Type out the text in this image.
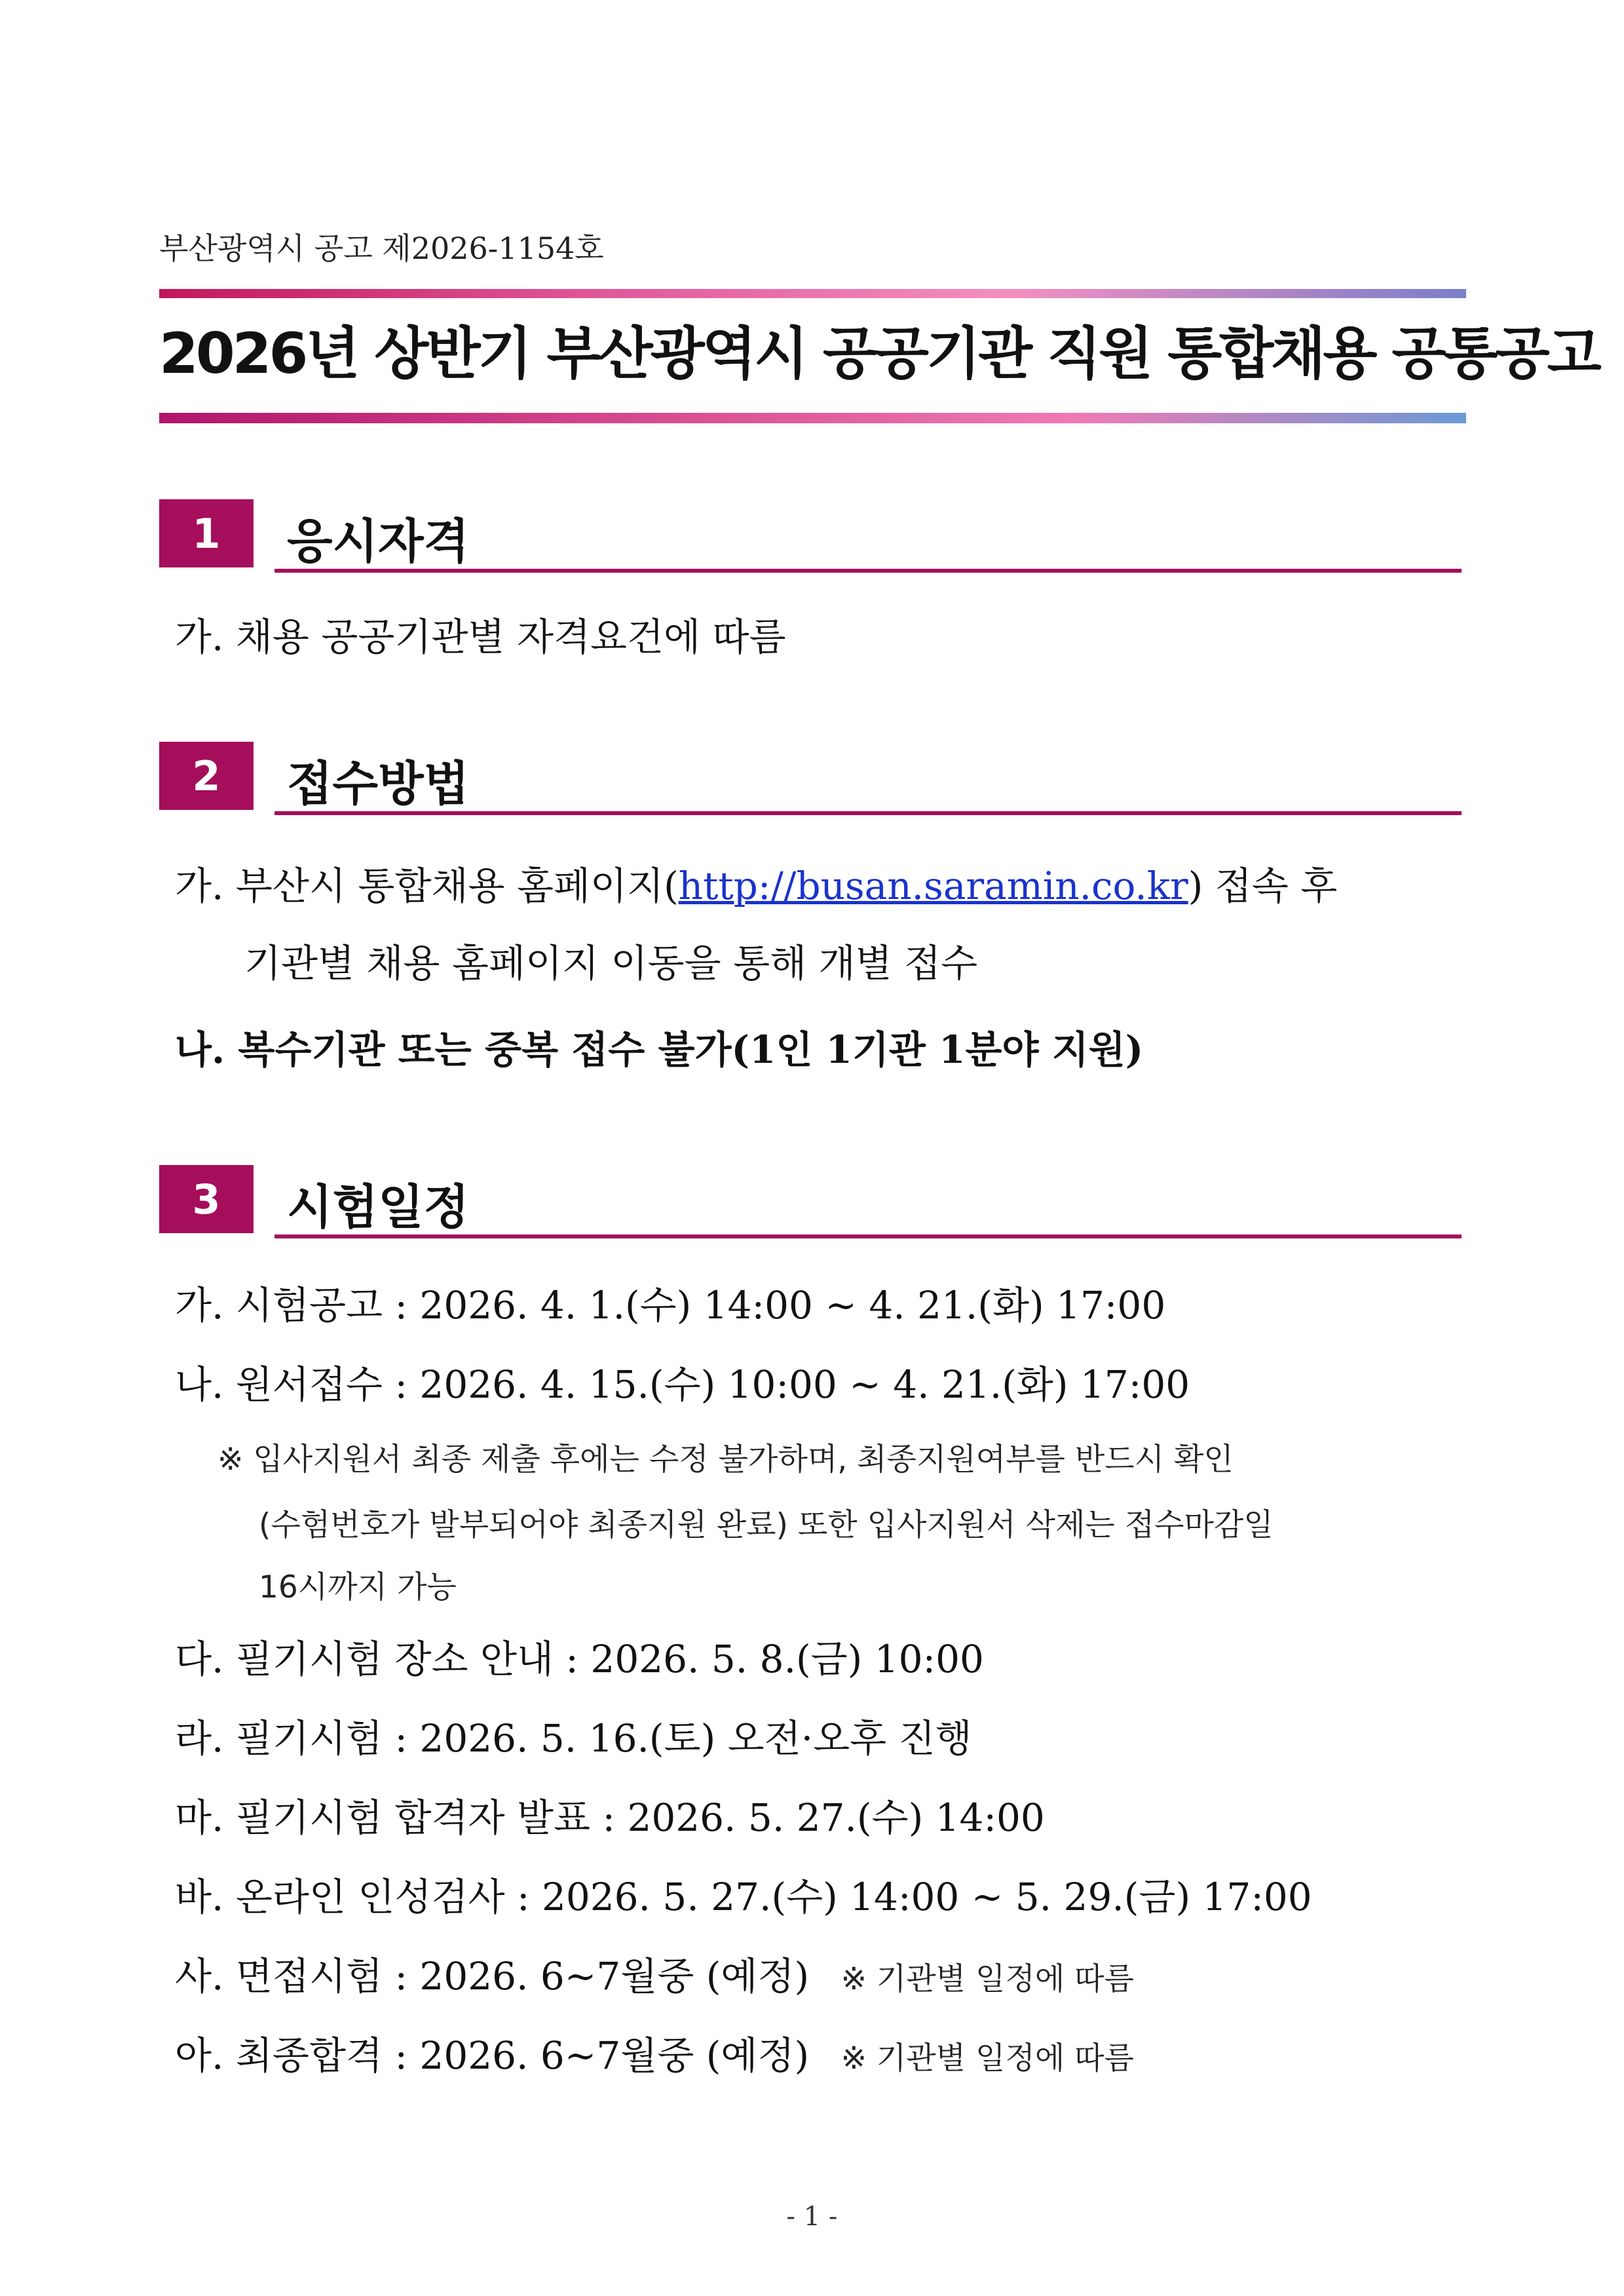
부산광역시 공고 제2026-1154호
2026년 상반기 부산광역시 공공기관 직원 통합채용 공통공고
1	응시자격
가. 채용 공공기관별 자격요건에 따름
2	접수방법
가. 부산시 통합채용 홈페이지(http://busan.saramin.co.kr) 접속 후
기관별 채용 홈페이지 이동을 통해 개별 접수
나. 복수기관 또는 중복 접수 불가(1인 1기관 1분야 지원)
3	시험일정
가. 시험공고 : 2026. 4. 1.(수) 14:00 ~ 4. 21.(화) 17:00
나. 원서접수 : 2026. 4. 15.(수) 10:00 ~ 4. 21.(화) 17:00
※ 입사지원서 최종 제출 후에는 수정 불가하며, 최종지원여부를 반드시 확인
(수험번호가 발부되어야 최종지원 완료) 또한 입사지원서 삭제는 접수마감일
16시까지 가능
다. 필기시험 장소 안내 : 2026. 5. 8.(금) 10:00
라. 필기시험 : 2026. 5. 16.(토) 오전·오후 진행
마. 필기시험 합격자 발표 : 2026. 5. 27.(수) 14:00
바. 온라인 인성검사 : 2026. 5. 27.(수) 14:00 ~ 5. 29.(금) 17:00
사. 면접시험 : 2026. 6~7월중 (예정) ※ 기관별 일정에 따름
아. 최종합격 : 2026. 6~7월중 (예정) ※ 기관별 일정에 따름
- 1 -
